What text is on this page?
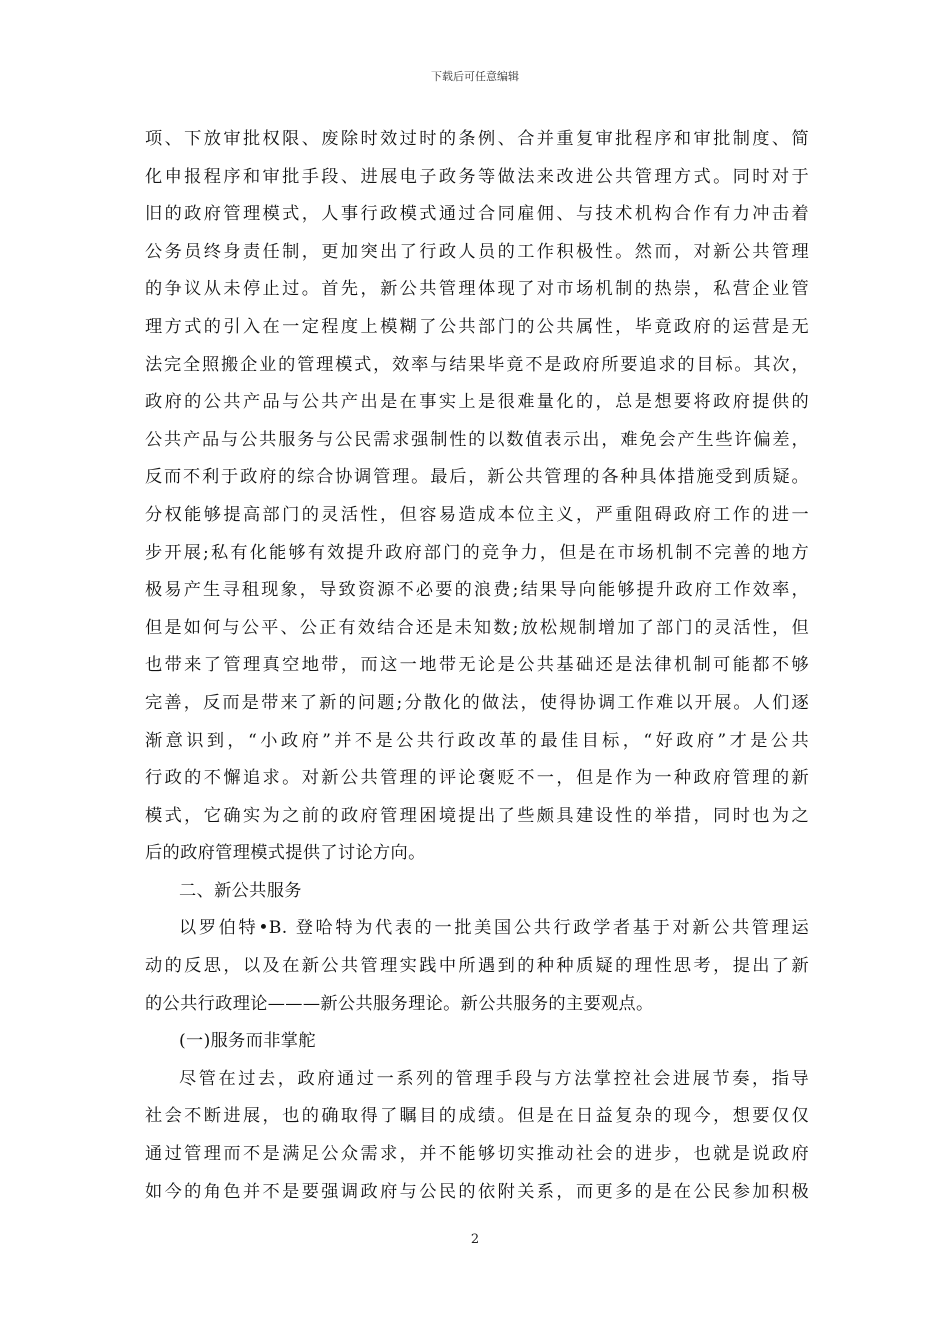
下载后可任意编辑
项、下放审批权限、废除时效过时的条例、合并重复审批程序和审批制度、简
化申报程序和审批手段、进展电子政务等做法来改进公共管理方式。同时对于
旧的政府管理模式，人事行政模式通过合同雇佣、与技术机构合作有力冲击着
公务员终身责任制，更加突出了行政人员的工作积极性。然而，对新公共管理
的争议从未停止过。首先，新公共管理体现了对市场机制的热崇，私营企业管
理方式的引入在一定程度上模糊了公共部门的公共属性，毕竟政府的运营是无
法完全照搬企业的管理模式，效率与结果毕竟不是政府所要追求的目标。其次，
政府的公共产品与公共产出是在事实上是很难量化的，总是想要将政府提供的
公共产品与公共服务与公民需求强制性的以数值表示出，难免会产生些许偏差，
反而不利于政府的综合协调管理。最后，新公共管理的各种具体措施受到质疑。
分权能够提高部门的灵活性，但容易造成本位主义，严重阻碍政府工作的进一
步开展;私有化能够有效提升政府部门的竞争力，但是在市场机制不完善的地方
极易产生寻租现象，导致资源不必要的浪费;结果导向能够提升政府工作效率，
但是如何与公平、公正有效结合还是未知数;放松规制增加了部门的灵活性，但
也带来了管理真空地带，而这一地带无论是公共基础还是法律机制可能都不够
完善，反而是带来了新的问题;分散化的做法，使得协调工作难以开展。人们逐
渐意识到，“小政府”并不是公共行政改革的最佳目标，“好政府”才是公共
行政的不懈追求。对新公共管理的评论褒贬不一，但是作为一种政府管理的新
模式，它确实为之前的政府管理困境提出了些颇具建设性的举措，同时也为之
后的政府管理模式提供了讨论方向。
二、新公共服务
以罗伯特•B. 登哈特为代表的一批美国公共行政学者基于对新公共管理运
动的反思，以及在新公共管理实践中所遇到的种种质疑的理性思考，提出了新
的公共行政理论———新公共服务理论。新公共服务的主要观点。
(一)服务而非掌舵
尽管在过去，政府通过一系列的管理手段与方法掌控社会进展节奏，指导
社会不断进展，也的确取得了瞩目的成绩。但是在日益复杂的现今，想要仅仅
通过管理而不是满足公众需求，并不能够切实推动社会的进步，也就是说政府
如今的角色并不是要强调政府与公民的依附关系，而更多的是在公民参加积极
2
